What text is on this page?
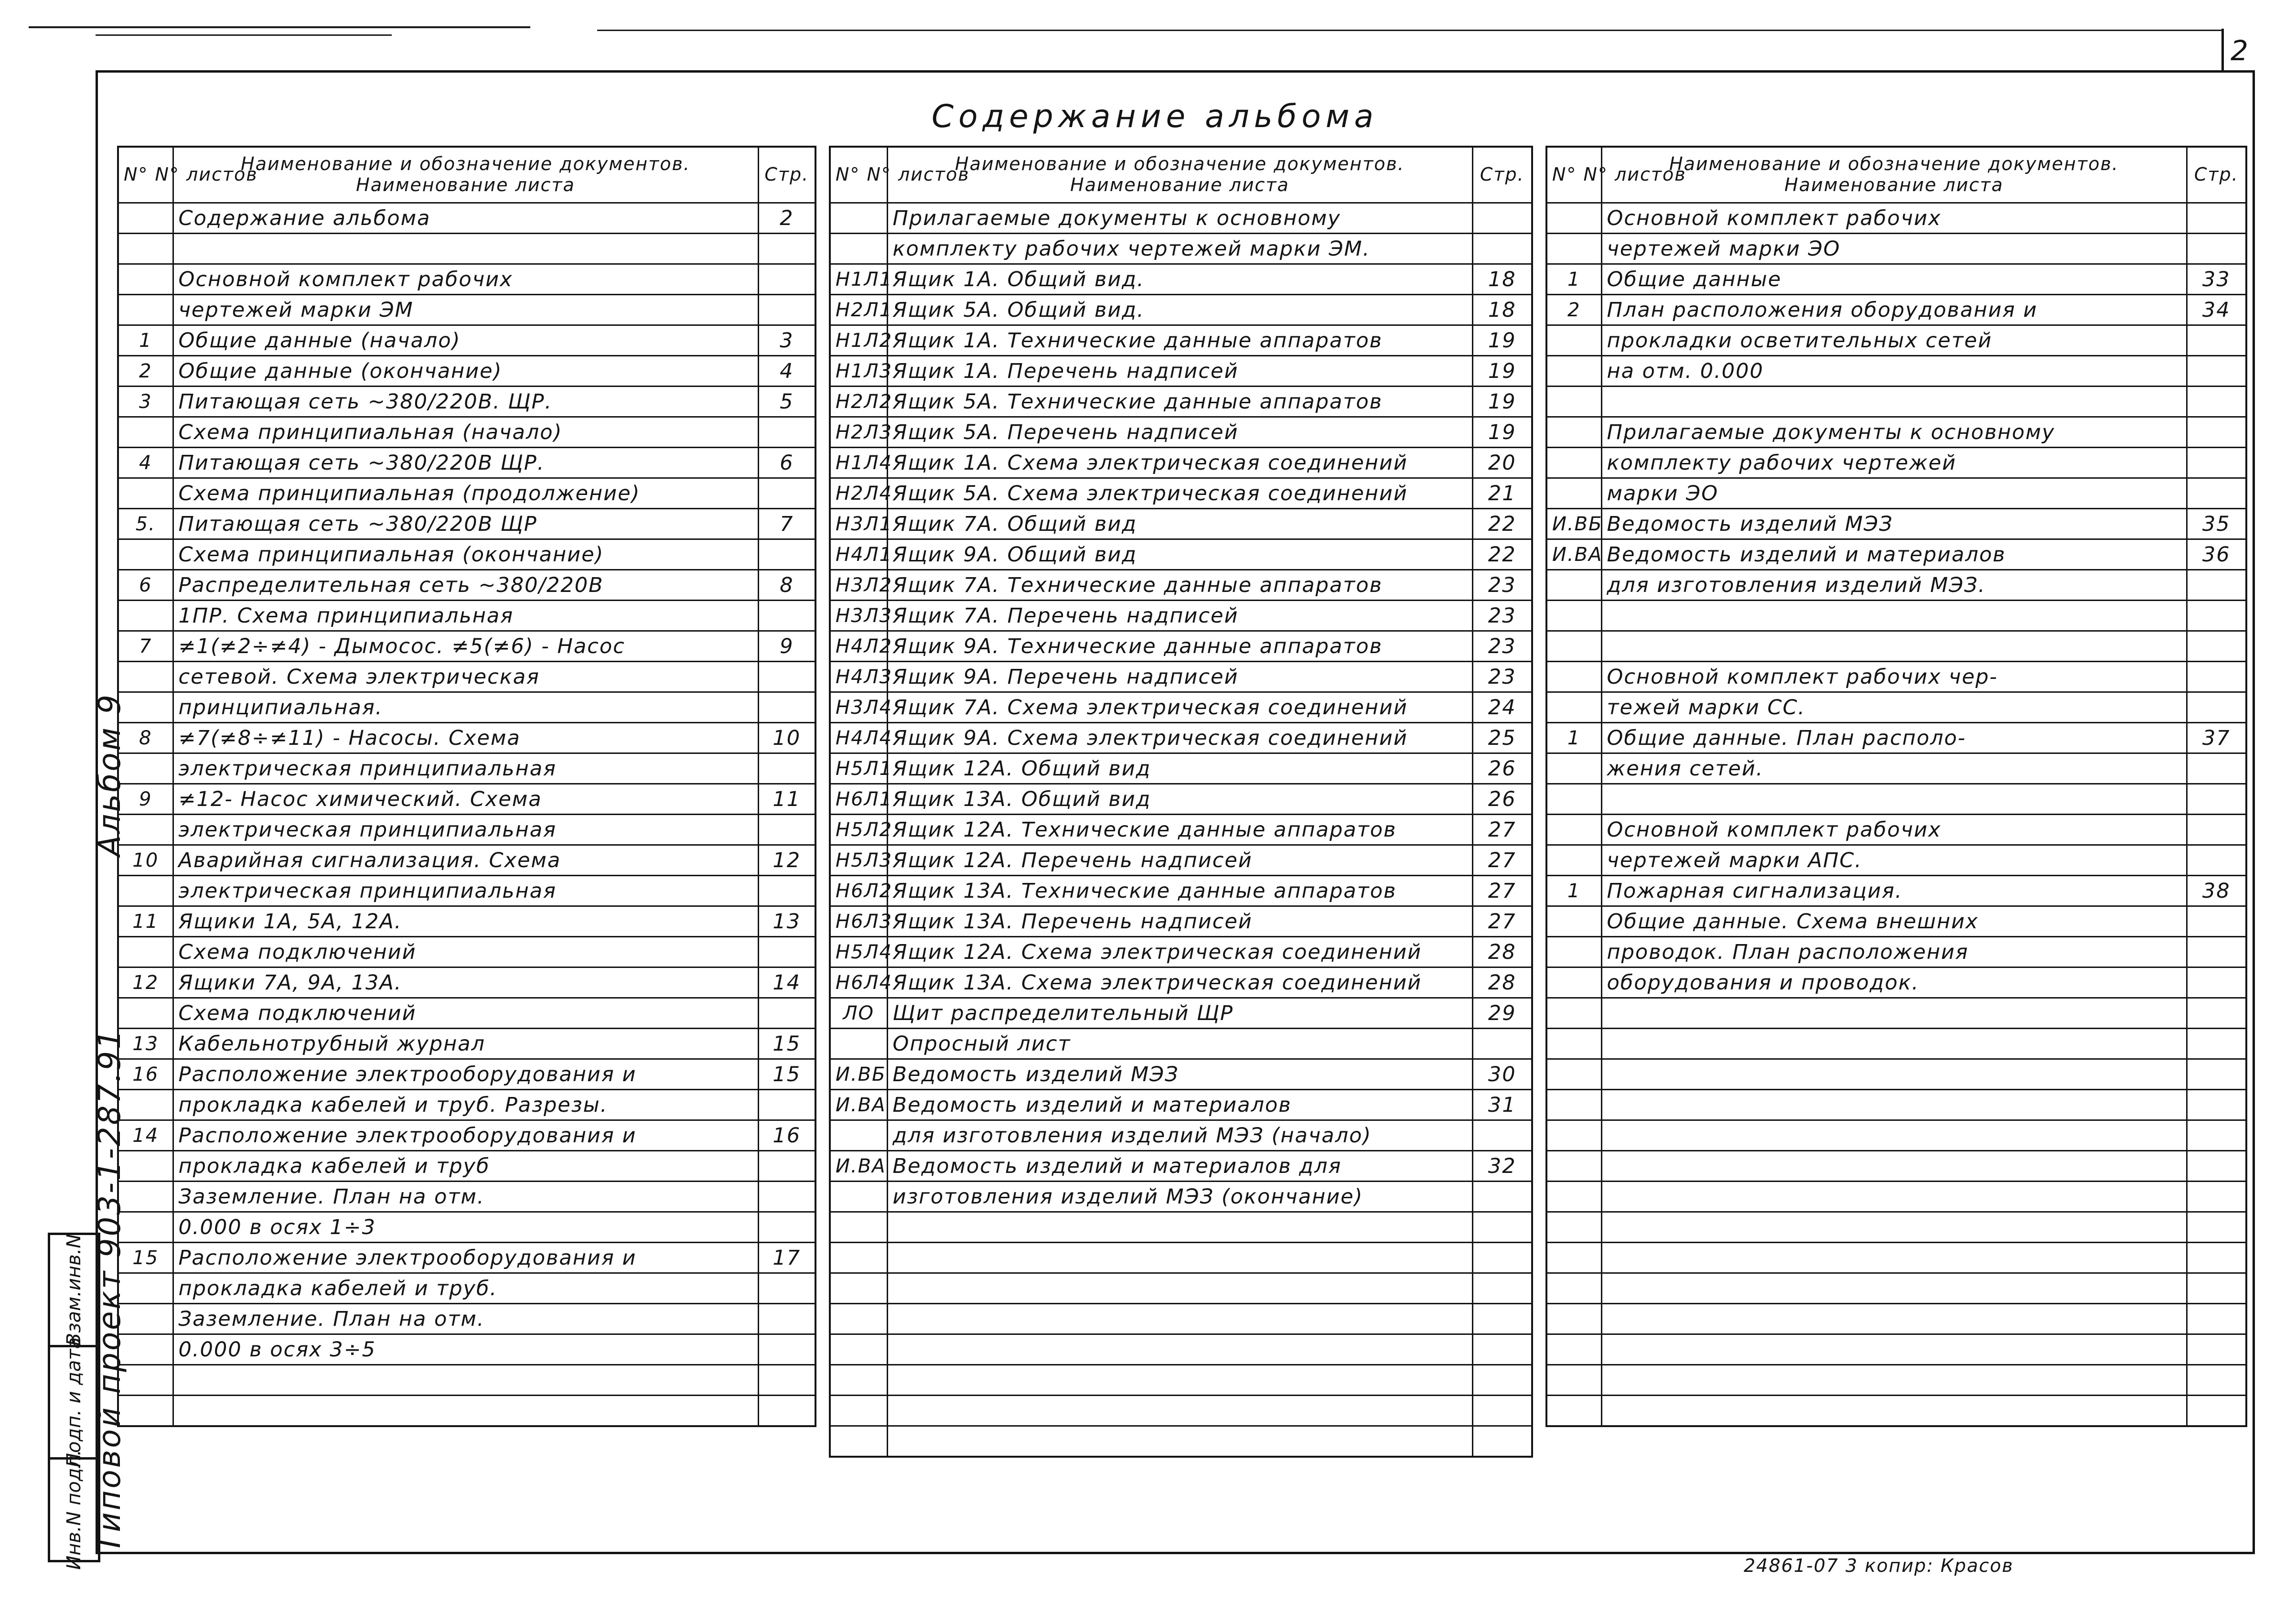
2
Типовой проект 903-1-287.91
Альбом 9
Взам.инв.N
Подп. и дата
Инв.N подл.
Содержание альбома
N° N° листов	Наименование и обозначение документов. Наименование листа	Стр.
	Содержание альбома	2

	Основной комплект рабочих	
	чертежей марки ЭМ	
1	Общие данные (начало)	3
2	Общие данные (окончание)	4
3	Питающая сеть ~380/220В. ЩР.	5
	Схема принципиальная (начало)	
4	Питающая сеть ~380/220В ЩР.	6
	Схема принципиальная (продолжение)	
5.	Питающая сеть ~380/220В ЩР	7
	Схема принципиальная (окончание)	
6	Распределительная сеть ~380/220В	8
	1ПР. Схема принципиальная	
7	≠1(≠2÷≠4) - Дымосос. ≠5(≠6) - Насос	9
	сетевой. Схема электрическая	
	принципиальная.	
8	≠7(≠8÷≠11) - Насосы. Схема	10
	электрическая принципиальная	
9	≠12- Насос химический. Схема	11
	электрическая принципиальная	
10	Аварийная сигнализация. Схема	12
	электрическая принципиальная	
11	Ящики 1А, 5А, 12А.	13
	Схема подключений	
12	Ящики 7А, 9А, 13А.	14
	Схема подключений	
13	Кабельнотрубный журнал	15
16	Расположение электрооборудования и	15
	прокладка кабелей и труб. Разрезы.	
14	Расположение электрооборудования и	16
	прокладка кабелей и труб	
	Заземление. План на отм.	
	0.000 в осях 1÷3	
15	Расположение электрооборудования и	17
	прокладка кабелей и труб.	
	Заземление. План на отм.	
	0.000 в осях 3÷5	

N° N° листов	Наименование и обозначение документов. Наименование листа	Стр.
	Прилагаемые документы к основному	
	комплекту рабочих чертежей марки ЭМ.	
Н1Л1	Ящик 1А. Общий вид.	18
Н2Л1	Ящик 5А. Общий вид.	18
Н1Л2	Ящик 1А. Технические данные аппаратов	19
Н1Л3	Ящик 1А. Перечень надписей	19
Н2Л2	Ящик 5А. Технические данные аппаратов	19
Н2Л3	Ящик 5А. Перечень надписей	19
Н1Л4	Ящик 1А. Схема электрическая соединений	20
Н2Л4	Ящик 5А. Схема электрическая соединений	21
Н3Л1	Ящик 7А. Общий вид	22
Н4Л1	Ящик 9А. Общий вид	22
Н3Л2	Ящик 7А. Технические данные аппаратов	23
Н3Л3	Ящик 7А. Перечень надписей	23
Н4Л2	Ящик 9А. Технические данные аппаратов	23
Н4Л3	Ящик 9А. Перечень надписей	23
Н3Л4	Ящик 7А. Схема электрическая соединений	24
Н4Л4	Ящик 9А. Схема электрическая соединений	25
Н5Л1	Ящик 12А. Общий вид	26
Н6Л1	Ящик 13А. Общий вид	26
Н5Л2	Ящик 12А. Технические данные аппаратов	27
Н5Л3	Ящик 12А. Перечень надписей	27
Н6Л2	Ящик 13А. Технические данные аппаратов	27
Н6Л3	Ящик 13А. Перечень надписей	27
Н5Л4	Ящик 12А. Схема электрическая соединений	28
Н6Л4	Ящик 13А. Схема электрическая соединений	28
ЛО	Щит распределительный ЩР	29
	Опросный лист	
И.ВБ	Ведомость изделий МЭЗ	30
И.ВА	Ведомость изделий и материалов	31
	для изготовления изделий МЭЗ (начало)	
И.ВА	Ведомость изделий и материалов для	32
	изготовления изделий МЭЗ (окончание)	

N° N° листов	Наименование и обозначение документов. Наименование листа	Стр.
	Основной комплект рабочих	
	чертежей марки ЭО	
1	Общие данные	33
2	План расположения оборудования и	34
	прокладки осветительных сетей	
	на отм. 0.000	

	Прилагаемые документы к основному	
	комплекту рабочих чертежей	
	марки ЭО	
И.ВБ	Ведомость изделий МЭЗ	35
И.ВА	Ведомость изделий и материалов	36
	для изготовления изделий МЭЗ.	

	Основной комплект рабочих чер-	
	тежей марки СС.	
1	Общие данные. План располо-	37
	жения сетей.	

	Основной комплект рабочих	
	чертежей марки АПС.	
1	Пожарная сигнализация.	38
	Общие данные. Схема внешних	
	проводок. План расположения	
	оборудования и проводок.	

24861-07 3 копир: Красов
